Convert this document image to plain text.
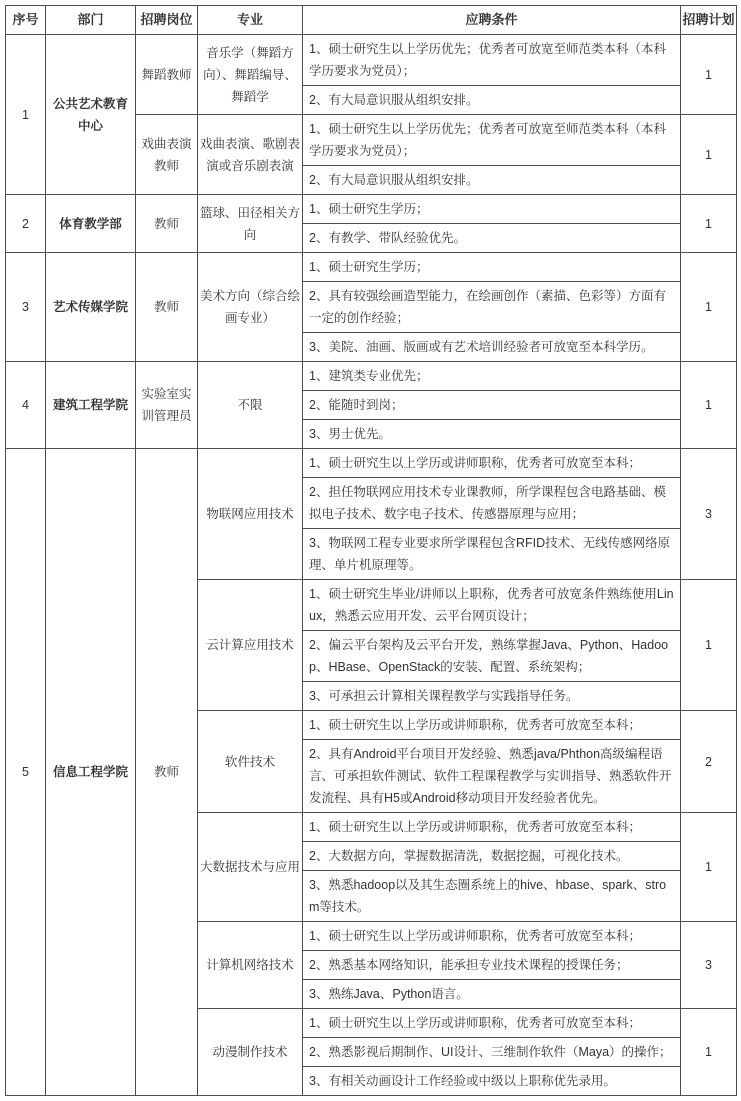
序号	部门	招聘岗位	专业	应聘条件	招聘计划
1	公共艺术教育中心	舞蹈教师	音乐学（舞蹈方向）、舞蹈编导、舞蹈学	1、硕士研究生以上学历优先；优秀者可放宽至师范类本科（本科学历要求为党员）；	1
				2、有大局意识服从组织安排。	
		戏曲表演教师	戏曲表演、歌剧表演或音乐剧表演	1、硕士研究生以上学历优先；优秀者可放宽至师范类本科（本科学历要求为党员）；	1
				2、有大局意识服从组织安排。	
2	体育教学部	教师	篮球、田径相关方向	1、硕士研究生学历；	1
				2、有教学、带队经验优先。	
3	艺术传媒学院	教师	美术方向（综合绘画专业）	1、硕士研究生学历；	1
				2、具有较强绘画造型能力，在绘画创作（素描、色彩等）方面有一定的创作经验；	
				3、美院、油画、版画或有艺术培训经验者可放宽至本科学历。	
4	建筑工程学院	实验室实训管理员	不限	1、建筑类专业优先；	1
				2、能随时到岗；	
				3、男士优先。	
5	信息工程学院	教师	物联网应用技术	1、硕士研究生以上学历或讲师职称，优秀者可放宽至本科；	3
				2、担任物联网应用技术专业课教师，所学课程包含电路基础、模拟电子技术、数字电子技术、传感器原理与应用；	
				3、物联网工程专业要求所学课程包含RFID技术、无线传感网络原理、单片机原理等。	
			云计算应用技术	1、硕士研究生毕业/讲师以上职称，优秀者可放宽条件熟练使用Linux，熟悉云应用开发、云平台网页设计；	1
				2、偏云平台架构及云平台开发，熟练掌握Java、Python、Hadoop、HBase、OpenStack的安装、配置、系统架构；	
				3、可承担云计算相关课程教学与实践指导任务。	
			软件技术	1、硕士研究生以上学历或讲师职称，优秀者可放宽至本科；	2
				2、具有Android平台项目开发经验、熟悉java/Phthon高级编程语言、可承担软件测试、软件工程课程教学与实训指导、熟悉软件开发流程、具有H5或Android移动项目开发经验者优先。	
			大数据技术与应用	1、硕士研究生以上学历或讲师职称，优秀者可放宽至本科；	1
				2、大数据方向，掌握数据清洗，数据挖掘，可视化技术。	
				3、熟悉hadoop以及其生态圈系统上的hive、hbase、spark、strom等技术。	
			计算机网络技术	1、硕士研究生以上学历或讲师职称，优秀者可放宽至本科；	3
				2、熟悉基本网络知识，能承担专业技术课程的授课任务；	
				3、熟练Java、Python语言。	
			动漫制作技术	1、硕士研究生以上学历或讲师职称，优秀者可放宽至本科；	1
				2、熟悉影视后期制作、UI设计、三维制作软件（Maya）的操作；	
				3、有相关动画设计工作经验或中级以上职称优先录用。	
